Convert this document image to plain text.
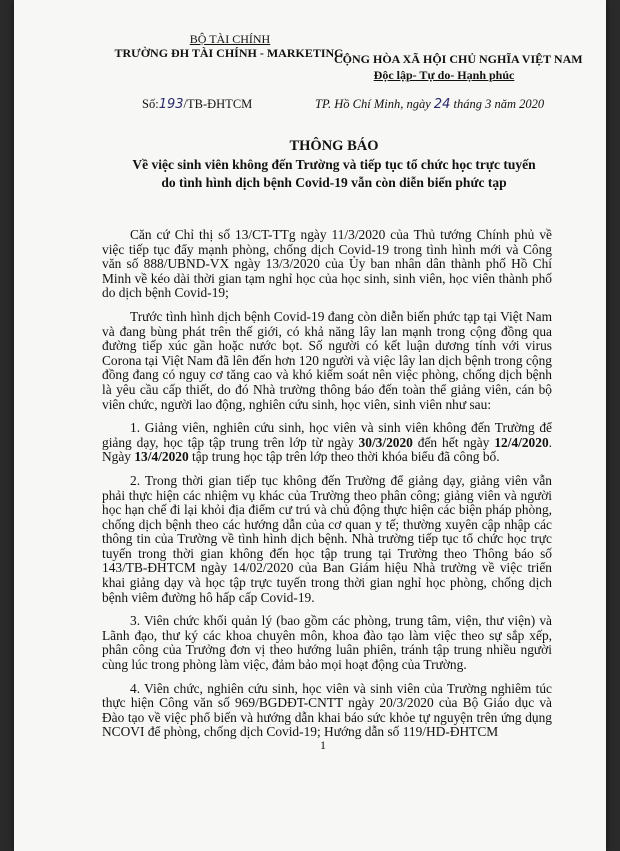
BỘ TÀI CHÍNH
TRƯỜNG ĐH TÀI CHÍNH - MARKETING
CỘNG HÒA XÃ HỘI CHỦ NGHĨA VIỆT NAM
Độc lập- Tự do- Hạnh phúc
Số:193/TB-ĐHTCM	TP. Hồ Chí Minh, ngày 24 tháng 3 năm 2020
THÔNG BÁO
Về việc sinh viên không đến Trường và tiếp tục tổ chức học trực tuyến
do tình hình dịch bệnh Covid-19 vẫn còn diễn biến phức tạp

Căn cứ Chỉ thị số 13/CT-TTg ngày 11/3/2020 của Thủ tướng Chính phủ về việc tiếp tục đẩy mạnh phòng, chống dịch Covid-19 trong tình hình mới và Công văn số 888/UBND-VX ngày 13/3/2020 của Ủy ban nhân dân thành phố Hồ Chí Minh về kéo dài thời gian tạm nghỉ học của học sinh, sinh viên, học viên thành phố do dịch bệnh Covid-19;

Trước tình hình dịch bệnh Covid-19 đang còn diễn biến phức tạp tại Việt Nam và đang bùng phát trên thế giới, có khả năng lây lan mạnh trong cộng đồng qua đường tiếp xúc gần hoặc nước bọt. Số người có kết luận dương tính với virus Corona tại Việt Nam đã lên đến hơn 120 người và việc lây lan dịch bệnh trong cộng đồng đang có nguy cơ tăng cao và khó kiểm soát nên việc phòng, chống dịch bệnh là yêu cầu cấp thiết, do đó Nhà trường thông báo đến toàn thể giảng viên, cán bộ viên chức, người lao động, nghiên cứu sinh, học viên, sinh viên như sau:

1. Giảng viên, nghiên cứu sinh, học viên và sinh viên không đến Trường để giảng dạy, học tập tập trung trên lớp từ ngày 30/3/2020 đến hết ngày 12/4/2020. Ngày 13/4/2020 tập trung học tập trên lớp theo thời khóa biểu đã công bố.

2. Trong thời gian tiếp tục không đến Trường để giảng dạy, giảng viên vẫn phải thực hiện các nhiệm vụ khác của Trường theo phân công; giảng viên và người học hạn chế đi lại khỏi địa điểm cư trú và chủ động thực hiện các biện pháp phòng, chống dịch bệnh theo các hướng dẫn của cơ quan y tế; thường xuyên cập nhập các thông tin của Trường về tình hình dịch bệnh. Nhà trường tiếp tục tổ chức học trực tuyến trong thời gian không đến học tập trung tại Trường theo Thông báo số 143/TB-ĐHTCM ngày 14/02/2020 của Ban Giám hiệu Nhà trường về việc triển khai giảng dạy và học tập trực tuyến trong thời gian nghỉ học phòng, chống dịch bệnh viêm đường hô hấp cấp Covid-19.

3. Viên chức khối quản lý (bao gồm các phòng, trung tâm, viện, thư viện) và Lãnh đạo, thư ký các khoa chuyên môn, khoa đào tạo làm việc theo sự sắp xếp, phân công của Trưởng đơn vị theo hướng luân phiên, tránh tập trung nhiều người cùng lúc trong phòng làm việc, đảm bảo mọi hoạt động của Trường.

4. Viên chức, nghiên cứu sinh, học viên và sinh viên của Trường nghiêm túc thực hiện Công văn số 969/BGDĐT-CNTT ngày 20/3/2020 của Bộ Giáo dục và Đào tạo về việc phổ biến và hướng dẫn khai báo sức khỏe tự nguyện trên ứng dụng NCOVI để phòng, chống dịch Covid-19; Hướng dẫn số 119/HD-ĐHTCM

1
